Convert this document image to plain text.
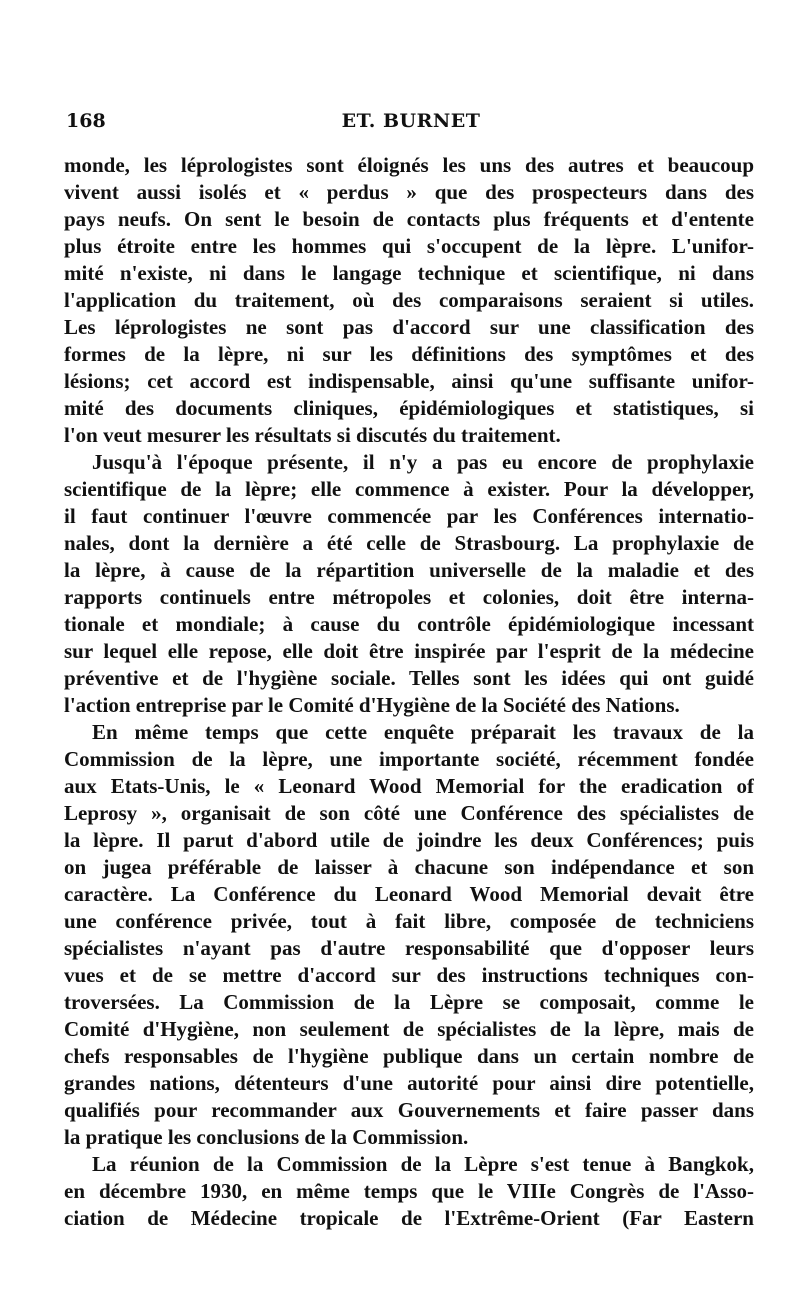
168	ET. BURNET
monde, les léprologistes sont éloignés les uns des autres et beaucoup
vivent aussi isolés et « perdus » que des prospecteurs dans des
pays neufs. On sent le besoin de contacts plus fréquents et d'entente
plus étroite entre les hommes qui s'occupent de la lèpre. L'unifor-
mité n'existe, ni dans le langage technique et scientifique, ni dans
l'application du traitement, où des comparaisons seraient si utiles.
Les léprologistes ne sont pas d'accord sur une classification des
formes de la lèpre, ni sur les définitions des symptômes et des
lésions; cet accord est indispensable, ainsi qu'une suffisante unifor-
mité des documents cliniques, épidémiologiques et statistiques, si
l'on veut mesurer les résultats si discutés du traitement.
Jusqu'à l'époque présente, il n'y a pas eu encore de prophylaxie
scientifique de la lèpre; elle commence à exister. Pour la développer,
il faut continuer l'œuvre commencée par les Conférences internatio-
nales, dont la dernière a été celle de Strasbourg. La prophylaxie de
la lèpre, à cause de la répartition universelle de la maladie et des
rapports continuels entre métropoles et colonies, doit être interna-
tionale et mondiale; à cause du contrôle épidémiologique incessant
sur lequel elle repose, elle doit être inspirée par l'esprit de la médecine
préventive et de l'hygiène sociale. Telles sont les idées qui ont guidé
l'action entreprise par le Comité d'Hygiène de la Société des Nations.
En même temps que cette enquête préparait les travaux de la
Commission de la lèpre, une importante société, récemment fondée
aux Etats-Unis, le « Leonard Wood Memorial for the eradication of
Leprosy », organisait de son côté une Conférence des spécialistes de
la lèpre. Il parut d'abord utile de joindre les deux Conférences; puis
on jugea préférable de laisser à chacune son indépendance et son
caractère. La Conférence du Leonard Wood Memorial devait être
une conférence privée, tout à fait libre, composée de techniciens
spécialistes n'ayant pas d'autre responsabilité que d'opposer leurs
vues et de se mettre d'accord sur des instructions techniques con-
troversées. La Commission de la Lèpre se composait, comme le
Comité d'Hygiène, non seulement de spécialistes de la lèpre, mais de
chefs responsables de l'hygiène publique dans un certain nombre de
grandes nations, détenteurs d'une autorité pour ainsi dire potentielle,
qualifiés pour recommander aux Gouvernements et faire passer dans
la pratique les conclusions de la Commission.
La réunion de la Commission de la Lèpre s'est tenue à Bangkok,
en décembre 1930, en même temps que le VIIIe Congrès de l'Asso-
ciation de Médecine tropicale de l'Extrême-Orient (Far Eastern
